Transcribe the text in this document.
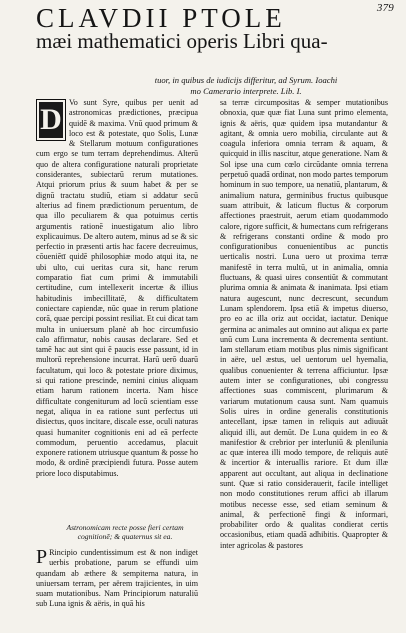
379
CLAVDII PTOLE
mæi mathematici operis Libri qua-
tuor, in quibus de iudicijs differitur, ad Syrum. Ioachi
mo Camerario interprete. Lib. I.
D

Vo sunt Syre, quibus per uenit ad astronomicas prædictiones, præcipua quidē & maxima. Vnū quod primum & loco est & potestate, quo Solis, Lunæ & Stellarum motuum configurationes cum ergo se tum terram deprehendimus. Alterū quo de altera configuratione naturali proprietate considerantes, subiectarū rerum mutationes. Atqui priorum prius & suum habet & per se dignū tractatu studiū, etiam si addatur secū alterius ad finem prædictionum peruentum, de qua illo peculiarem & qua potuimus certis argumentis rationē inuestigatum alio libro explicauimus. De altero autem, minus ad se & sic perfectio in præsenti artis hac facere decreuimus, cōueniētī quidē philosophiæ modo atqui ita, ne ubi ulto, cui ueritas cura sit, hanc rerum comparatio fiat cum primi & immutabili certitudine, cum intellexerit incertæ & illius habitudinis imbecillitatē, & difficultatem coniectare capiendæ, nūc quae in rerum platione corā, quae percipi possint resiliat. Et cui dicat tam multa in uniuersum planè ab hoc circumfusio calo affirmatur, nobis causas declarare. Sed et tamē hac aut sint qui ē paucis esse passunt, id in multorū reprehensione incurrat. Harū uerō duarū facultatum, qui loco & potestate priore diximus, si qui ratione prescinde, nemini cinius aliquam etiam harum rationem incerta. Nam hisce difficultate congeniturum ad locū scientiam esse negat, aliqua in ea ratione sunt perfectus uti disiectus, quos incitare, discale esse, oculi naturas quasi humaniter cognitionis eni ad eā perfecte commodum, peruentio accedamus, placuit exponere rationem utriusque quantum & posse ho modo, & ordinē præcipiendi futura. Posse autem priore loco disputabimus.

Astronomicam recte posse fieri certam cognitionē; & quaternus sit ea.
P Rincipio cundentissimum est & non indiget uerbis probatione, parum se effundi uim quandam ab æthere & sempiterna natura, in uniuersam terram, per aërem trajicientes, in uim suam mutationibus. Nam Principiorum naturaliū sub Luna ignis & aëris, in quā his

sa terræ circumpositas & semper mutationibus obnoxia, quæ quæ fiat Luna sunt primo elementa, ignis & aëris, quæ quidem ipsa mutandantur & agitant, & omnia uero mobilia, circulante aut & coagula inferiora omnia terram & aquam, & quicquid in illis nascitur, atque generatione. Nam & Sol ipse una cum cœlo circūdante omnia terrena perpetuō quadā ordinat, non modo partes temporum hominum in suo tempore, ua nenatiū, plantarum, & animalium natura, germinibus fructus quibusque suam attribuit, & laticum fluctus & corporum affectiones praestruit, aerum etiam quodammodo calore, rigore sufficit, & humectans cum refrigerans & refrigerans constanti ordine & modo pro configurationibus conuenientibus ac punctis uerticalis nostri. Luna uero ut proxima terræ manifestē in terra multū, ut in animalia, omnia fluctuans, & quasi uires consentiūt & commutant plurima omnia & animata & inanimata. Ipsi etiam natura augescunt, nunc decrescunt, secundum Lunam splendorem. Ipsa etiā & impetus diuerso, pro eo ac illa oriz aut occidat, iactatur. Denique germina ac animales aut omnino aut aliqua ex parte unū cum Luna incrementa & decrementa sentiunt. Iam stellarum etiam motibus plus nimis significant in aëre, uel æstus, uel uentorum uel hyemalia, qualibus conuenienter & terrena afficiuntur. Ipsæ autem inter se configurationes, ubi congressu affectiones suas commiscent, plurimarum & variarum mutationum causa sunt. Nam quamuis Solis uires in ordine generalis constitutionis antecellant, ipsæ tamen in reliquis aut adiuuāt aliquid illi, aut demūt. De Luna quidem in eo & manifestior & crebrior per interluniū & plenilunia ac quæ interea illi modo tempore, de reliquis autē & incertior & interuallis rariore. Et dum illæ apparent aut occultant, aut aliqua in declinatione sunt. Quæ si ratio considerauerit, facile intelliget non modo constitutiones rerum affici ab illarum motibus necesse esse, sed etiam seminum & animal, & perfectionē fingi & informari, probabiliter ordo & qualitas condierat certis occasionibus, etiam quadā adhibitis. Quapropter & inter agricolas & pastores
